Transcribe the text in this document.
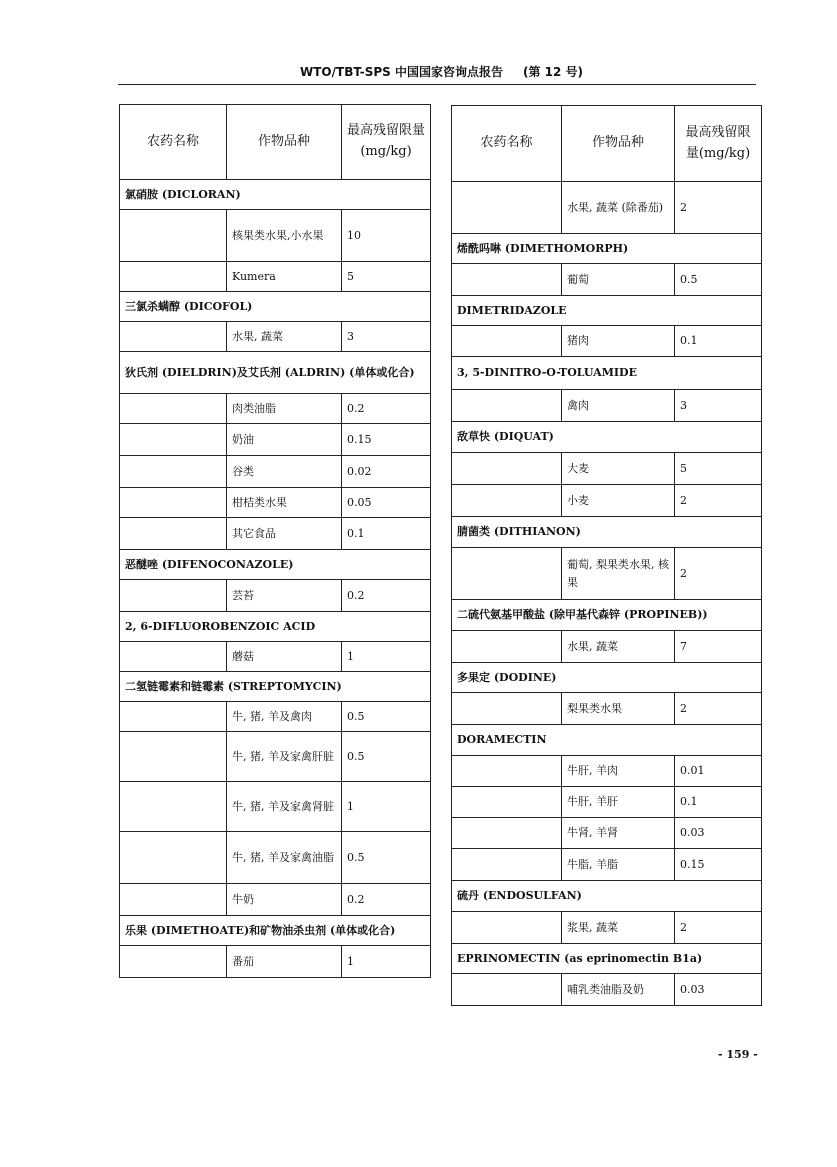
WTO/TBT-SPS 中国国家咨询点报告 (第 12 号)
农药名称	作物品种	最高残留限量(mg/kg)
氯硝胺 (DICLORAN)		
	核果类水果,小水果	10
	Kumera	5
三氯杀螨醇 (DICOFOL)		
	水果, 蔬菜	3
狄氏剂 (DIELDRIN)及艾氏剂 (ALDRIN) (单体或化合)		
	肉类油脂	0.2
	奶油	0.15
	谷类	0.02
	柑桔类水果	0.05
	其它食品	0.1
恶醚唑 (DIFENOCONAZOLE)		
	芸苔	0.2
2, 6-DIFLUOROBENZOIC ACID		
	蘑菇	1
二氢链霉素和链霉素 (STREPTOMYCIN)		
	牛, 猪, 羊及禽肉	0.5
	牛, 猪, 羊及家禽肝脏	0.5
	牛, 猪, 羊及家禽肾脏	1
	牛, 猪, 羊及家禽油脂	0.5
	牛奶	0.2
乐果 (DIMETHOATE)和矿物油杀虫剂 (单体或化合)		
	番茄	1
农药名称	作物品种	最高残留限量(mg/kg)
	水果, 蔬菜 (除番茄)	2
烯酰吗啉 (DIMETHOMORPH)		
	葡萄	0.5
DIMETRIDAZOLE		
	猪肉	0.1
3, 5-DINITRO-O-TOLUAMIDE		
	禽肉	3
敌草快 (DIQUAT)		
	大麦	5
	小麦	2
腈菌类 (DITHIANON)		
	葡萄, 梨果类水果, 核果	2
二硫代氨基甲酸盐 (除甲基代森锌 (PROPINEB))		
	水果, 蔬菜	7
多果定 (DODINE)		
	梨果类水果	2
DORAMECTIN		
	牛肝, 羊肉	0.01
	牛肝, 羊肝	0.1
	牛肾, 羊肾	0.03
	牛脂, 羊脂	0.15
硫丹 (ENDOSULFAN)		
	浆果, 蔬菜	2
EPRINOMECTIN (as eprinomectin B1a)		
	哺乳类油脂及奶	0.03
- 159 -
